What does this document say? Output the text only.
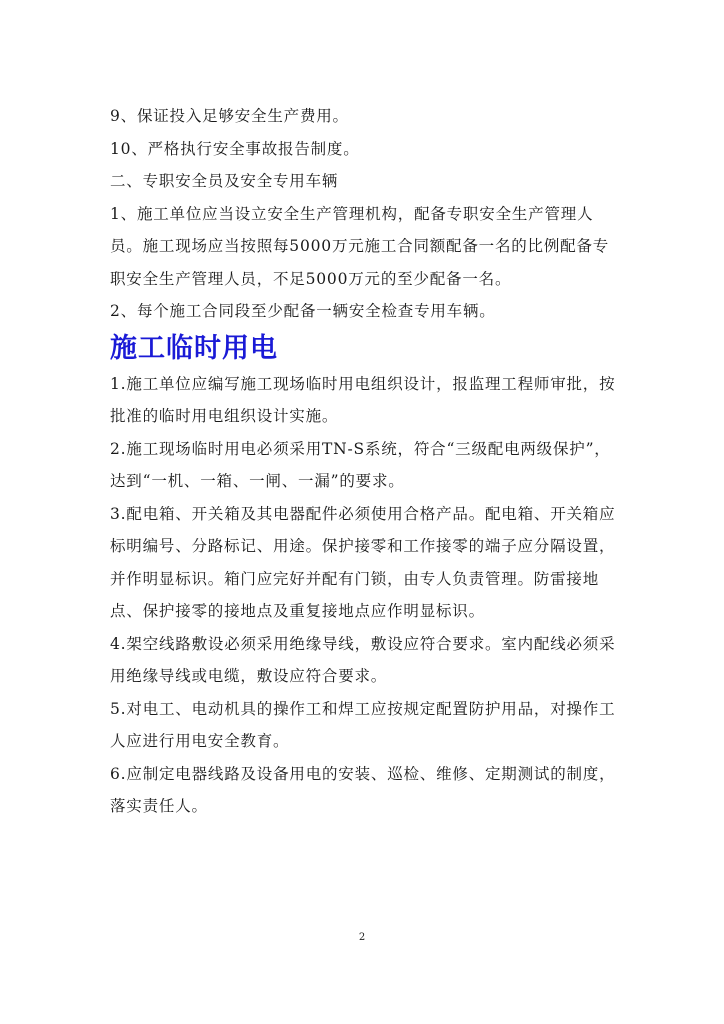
9、保证投入足够安全生产费用。

10、严格执行安全事故报告制度。

二、专职安全员及安全专用车辆

1、施工单位应当设立安全生产管理机构，配备专职安全生产管理人员。施工现场应当按照每5000万元施工合同额配备一名的比例配备专职安全生产管理人员，不足5000万元的至少配备一名。

2、每个施工合同段至少配备一辆安全检查专用车辆。

施工临时用电

1.施工单位应编写施工现场临时用电组织设计，报监理工程师审批，按批准的临时用电组织设计实施。

2.施工现场临时用电必须采用TN-S系统，符合“三级配电两级保护”，达到“一机、一箱、一闸、一漏”的要求。

3.配电箱、开关箱及其电器配件必须使用合格产品。配电箱、开关箱应标明编号、分路标记、用途。保护接零和工作接零的端子应分隔设置，并作明显标识。箱门应完好并配有门锁，由专人负责管理。防雷接地点、保护接零的接地点及重复接地点应作明显标识。

4.架空线路敷设必须采用绝缘导线，敷设应符合要求。室内配线必须采用绝缘导线或电缆，敷设应符合要求。

5.对电工、电动机具的操作工和焊工应按规定配置防护用品，对操作工人应进行用电安全教育。

6.应制定电器线路及设备用电的安装、巡检、维修、定期测试的制度，落实责任人。

2
